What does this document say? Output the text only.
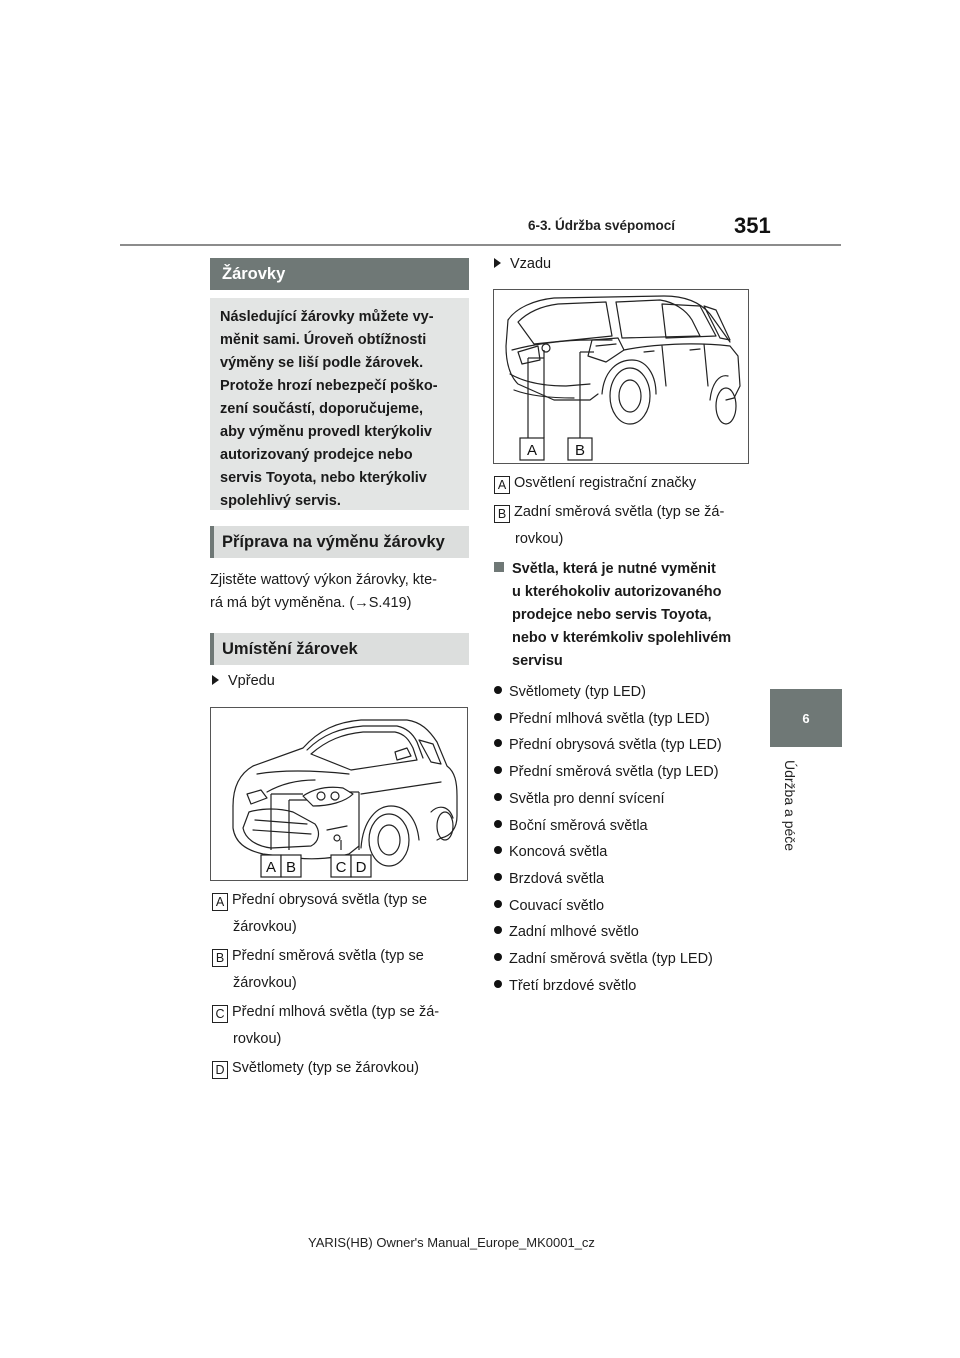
6-3. Údržba svépomocí	351
6
Údržba a péče
Žárovky
Následující žárovky můžete vy-
měnit sami. Úroveň obtížnosti
výměny se liší podle žárovek.
Protože hrozí nebezpečí poško-
zení součástí, doporučujeme,
aby výměnu provedl kterýkoliv
autorizovaný prodejce nebo
servis Toyota, nebo kterýkoliv
spolehlivý servis.
Příprava na výměnu žárovky
Zjistěte wattový výkon žárovky, kte-
rá má být vyměněna. (→S.419)
Umístění žárovek
Vpředu
A B	C D
A Přední obrysová světla (typ se
žárovkou)
B Přední směrová světla (typ se
žárovkou)
C Přední mlhová světla (typ se žá-
rovkou)
D Světlomety (typ se žárovkou)
Vzadu
A	B
A Osvětlení registrační značky
B Zadní směrová světla (typ se žá-
rovkou)
Světla, která je nutné vyměnit
u kteréhokoliv autorizovaného
prodejce nebo servis Toyota,
nebo v kterémkoliv spolehlivém
servisu
Světlomety (typ LED)
Přední mlhová světla (typ LED)
Přední obrysová světla (typ LED)
Přední směrová světla (typ LED)
Světla pro denní svícení
Boční směrová světla
Koncová světla
Brzdová světla
Couvací světlo
Zadní mlhové světlo
Zadní směrová světla (typ LED)
Třetí brzdové světlo
YARIS(HB) Owner's Manual_Europe_MK0001_cz
